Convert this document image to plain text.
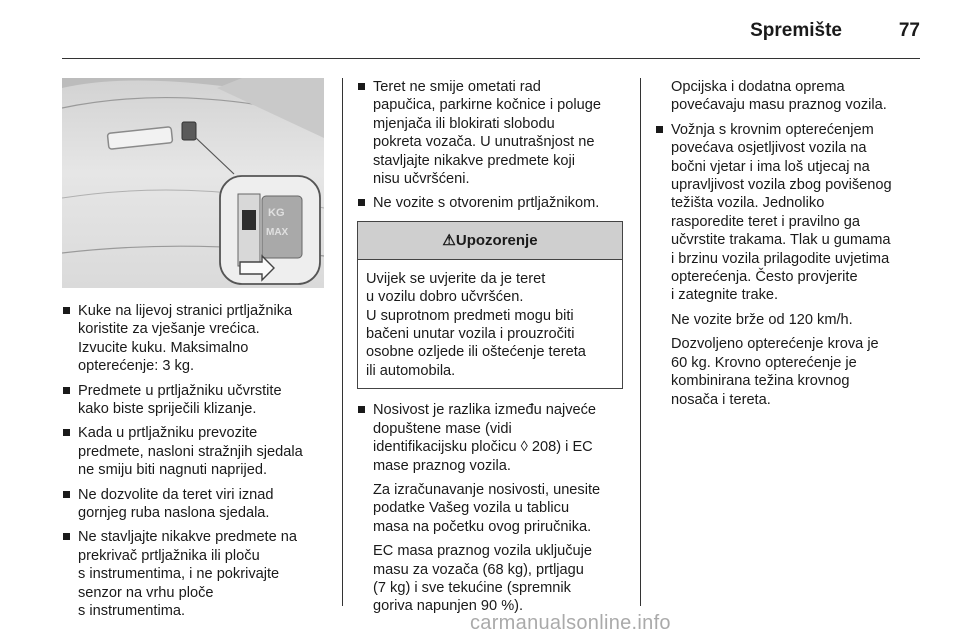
Spremište	77
KG
MAX
Kuke na lijevoj stranici prtljažnika
koristite za vješanje vrećica.
Izvucite kuku. Maksimalno
opterećenje: 3 kg.
Predmete u prtljažniku učvrstite
kako biste spriječili klizanje.
Kada u prtljažniku prevozite
predmete, nasloni stražnjih sjedala
ne smiju biti nagnuti naprijed.
Ne dozvolite da teret viri iznad
gornjeg ruba naslona sjedala.
Ne stavljajte nikakve predmete na
prekrivač prtljažnika ili ploču
s instrumentima, i ne pokrivajte
senzor na vrhu ploče
s instrumentima.
Teret ne smije ometati rad
papučica, parkirne kočnice i poluge
mjenjača ili blokirati slobodu
pokreta vozača. U unutrašnjost ne
stavljajte nikakve predmete koji
nisu učvršćeni.
Ne vozite s otvorenim prtljažnikom.
⚠Upozorenje
Uvijek se uvjerite da je teret
u vozilu dobro učvršćen.
U suprotnom predmeti mogu biti
bačeni unutar vozila i prouzročiti
osobne ozljede ili oštećenje tereta
ili automobila.
Nosivost je razlika između najveće
dopuštene mase (vidi
identifikacijsku pločicu ◊ 208) i EC
mase praznog vozila.
Za izračunavanje nosivosti, unesite
podatke Vašeg vozila u tablicu
masa na početku ovog priručnika.
EC masa praznog vozila uključuje
masu za vozača (68 kg), prtljagu
(7 kg) i sve tekućine (spremnik
goriva napunjen 90 %).
Opcijska i dodatna oprema
povećavaju masu praznog vozila.
Vožnja s krovnim opterećenjem
povećava osjetljivost vozila na
bočni vjetar i ima loš utjecaj na
upravljivost vozila zbog povišenog
težišta vozila. Jednoliko
rasporedite teret i pravilno ga
učvrstite trakama. Tlak u gumama
i brzinu vozila prilagodite uvjetima
opterećenja. Često provjerite
i zategnite trake.
Ne vozite brže od 120 km/h.
Dozvoljeno opterećenje krova je
60 kg. Krovno opterećenje je
kombinirana težina krovnog
nosača i tereta.
carmanualsonline.info
